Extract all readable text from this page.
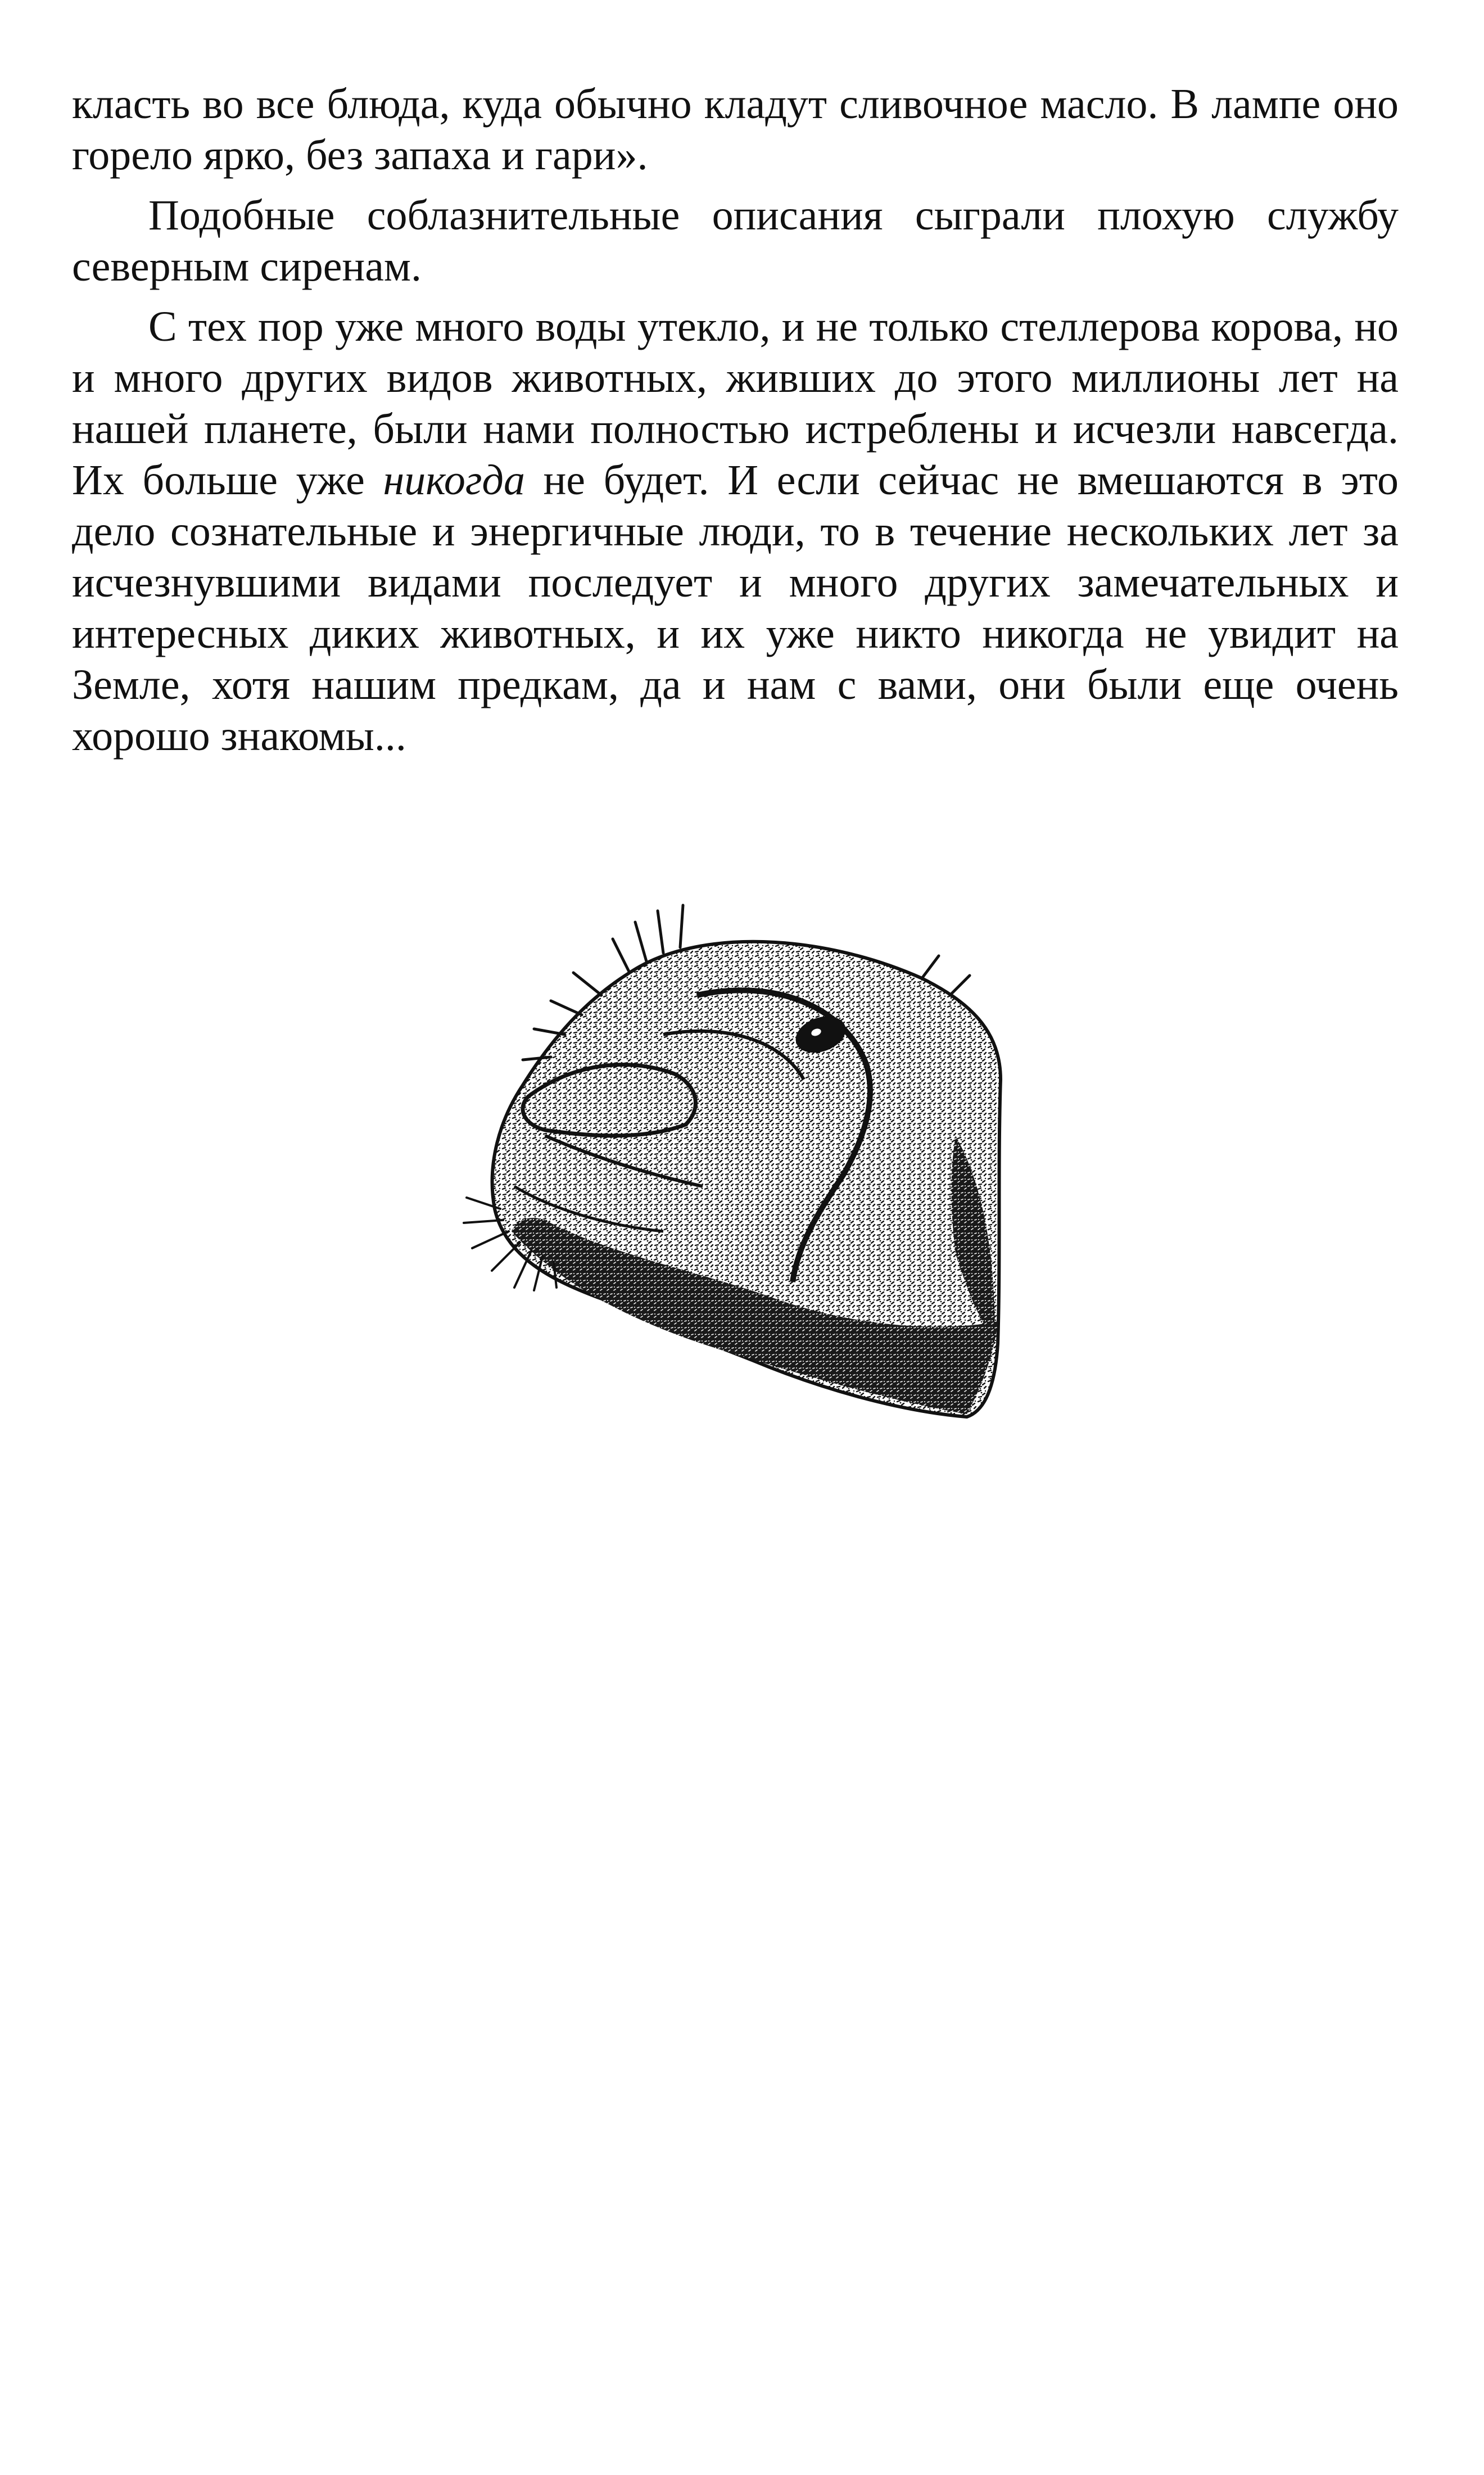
класть во все блюда, куда обычно кладут сливочное масло. В лампе оно горело ярко, без запаха и гари».

Подобные соблазнительные описания сыграли плохую службу северным сиренам.

С тех пор уже много воды утекло, и не только стеллерова корова, но и много других видов животных, живших до этого миллионы лет на нашей планете, были нами полностью истреблены и исчезли навсегда. Их больше уже никогда не будет. И если сейчас не вмешаются в это дело сознательные и энергичные люди, то в течение нескольких лет за исчезнувшими видами последует и много других замечательных и интересных диких животных, и их уже никто никогда не увидит на Земле, хотя нашим предкам, да и нам с вами, они были еще очень хорошо знакомы...
